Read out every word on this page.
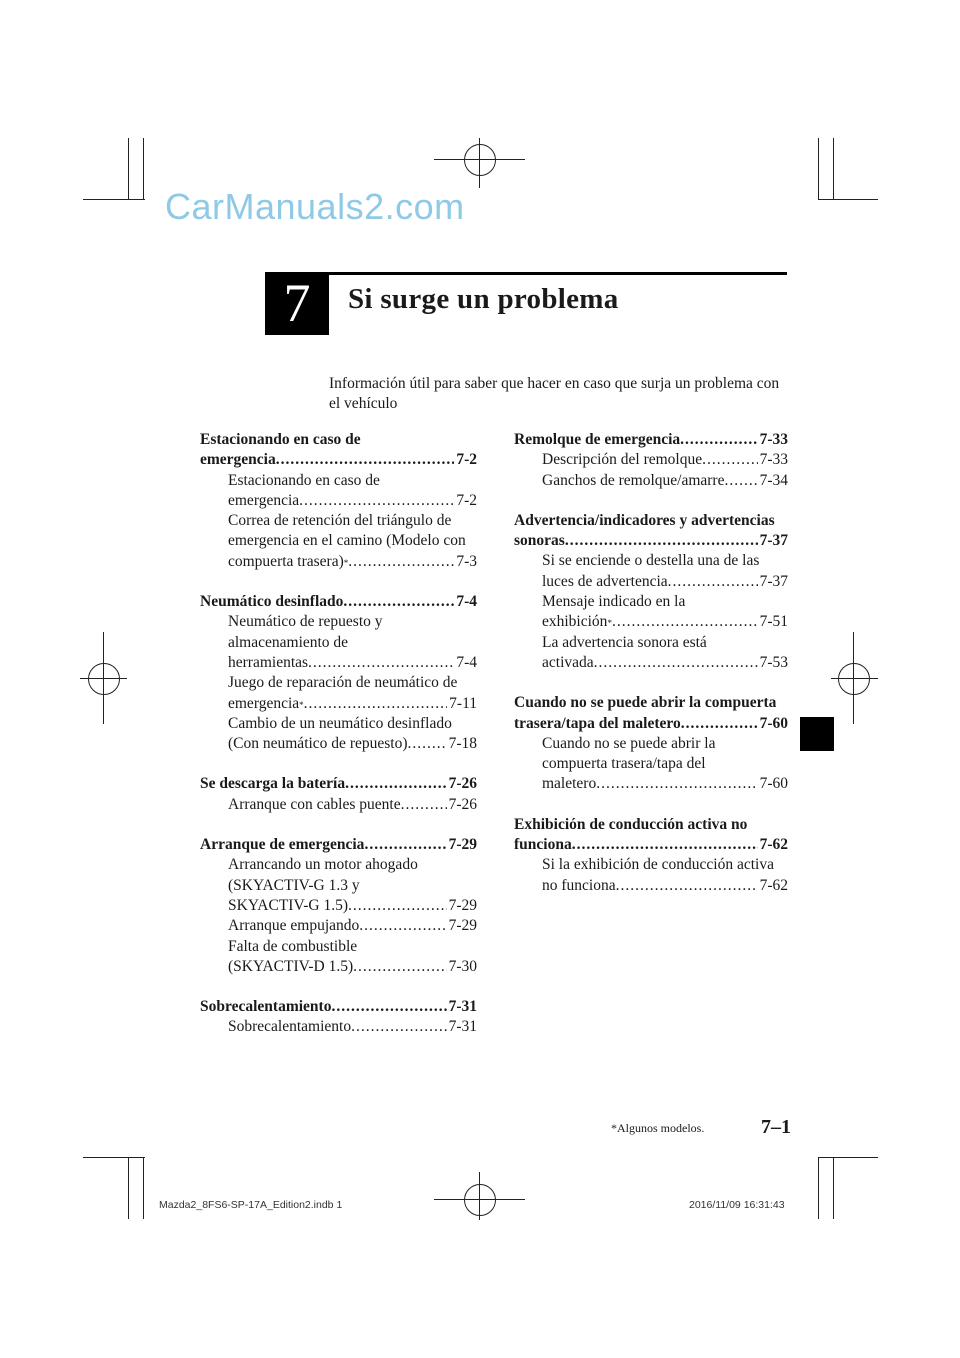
CarManuals2.com
7	Si surge un problema
Información útil para saber que hacer en caso que surja un problema con el vehículo
Estacionando en caso de
emergencia .....	7-2
Estacionando en caso de
emergencia .....	7-2
Correa de retención del triángulo de
emergencia en el camino (Modelo con
compuerta trasera) * .....	7-3
Neumático desinflado .....	7-4
Neumático de repuesto y
almacenamiento de
herramientas .....	7-4
Juego de reparación de neumático de
emergencia * .....	7-11
Cambio de un neumático desinflado
(Con neumático de repuesto) .....	7-18
Se descarga la batería .....	7-26
Arranque con cables puente .....	7-26
Arranque de emergencia .....	7-29
Arrancando un motor ahogado
(SKYACTIV-G 1.3 y
SKYACTIV-G 1.5) .....	7-29
Arranque empujando .....	7-29
Falta de combustible
(SKYACTIV-D 1.5) .....	7-30
Sobrecalentamiento .....	7-31
Sobrecalentamiento .....	7-31
Remolque de emergencia .....	7-33
Descripción del remolque .....	7-33
Ganchos de remolque/amarre ..... 7-34
Advertencia/indicadores y advertencias
sonoras .....	7-37
Si se enciende o destella una de las
luces de advertencia .....	7-37
Mensaje indicado en la
exhibición * .....	7-51
La advertencia sonora está
activada .....	7-53
Cuando no se puede abrir la compuerta
trasera/tapa del maletero .....	7-60
Cuando no se puede abrir la
compuerta trasera/tapa del
maletero .....	7-60
Exhibición de conducción activa no
funciona .....	7-62
Si la exhibición de conducción activa
no funciona .....	7-62
*Algunos modelos.	7–1
Mazda2_8FS6-SP-17A_Edition2.indb 1	2016/11/09 16:31:43
